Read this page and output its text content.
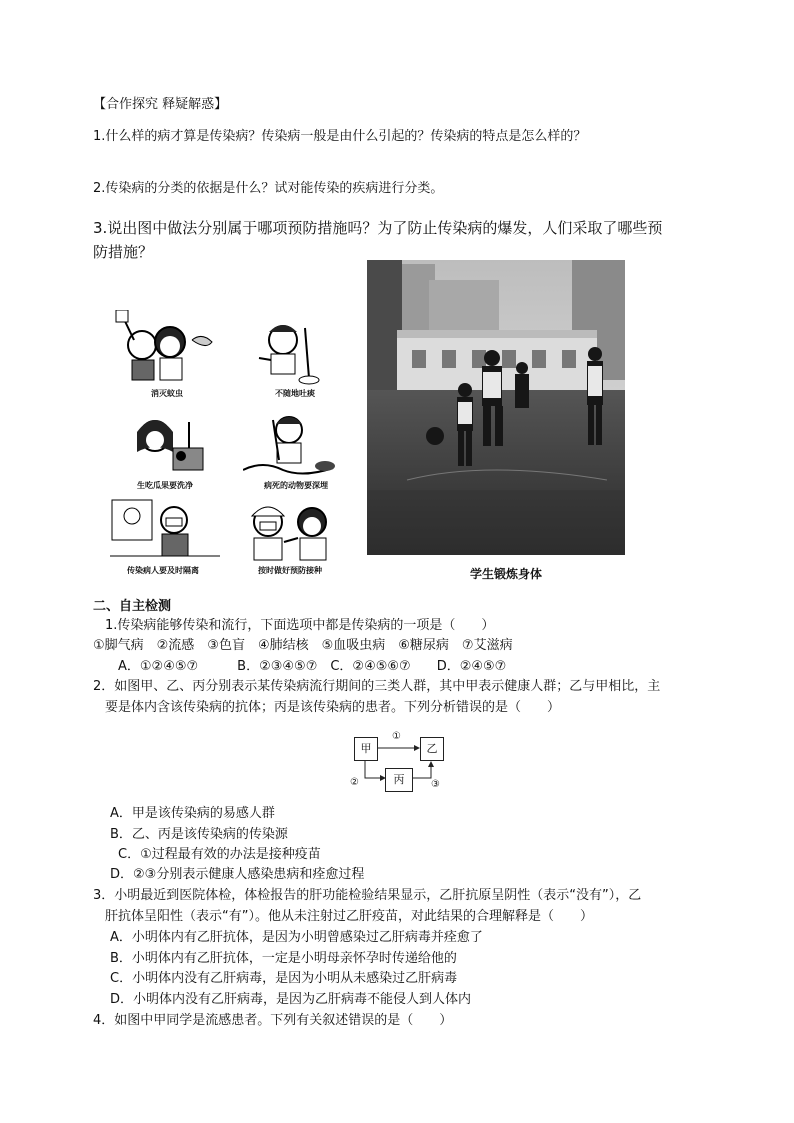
【合作探究 释疑解惑】
1.什么样的病才算是传染病？传染病一般是由什么引起的？传染病的特点是怎么样的？
2.传染病的分类的依据是什么？试对能传染的疾病进行分类。
3.说出图中做法分别属于哪项预防措施吗？为了防止传染病的爆发，人们采取了哪些预
防措施？
消灭蚊虫	不随地吐痰
生吃瓜果要洗净	病死的动物要深埋
传染病人要及时隔离	按时做好预防接种	学生锻炼身体
二、自主检测
1.传染病能够传染和流行，下面选项中都是传染病的一项是（　　）
①脚气病　②流感　③色盲　④肺结核　⑤血吸虫病　⑥糖尿病　⑦艾滋病
A．①②④⑤⑦　　　B．②③④⑤⑦　C．②④⑤⑥⑦　　D．②④⑤⑦
2．如图甲、乙、丙分别表示某传染病流行期间的三类人群，其中甲表示健康人群；乙与甲相比，主
要是体内含该传染病的抗体；丙是该传染病的患者。下列分析错误的是（　　）
甲	乙
丙
①
②	③
A．甲是该传染病的易感人群
B．乙、丙是该传染病的传染源
C．①过程最有效的办法是接种疫苗
D．②③分别表示健康人感染患病和痊愈过程
3．小明最近到医院体检，体检报告的肝功能检验结果显示，乙肝抗原呈阴性（表示“没有”），乙
肝抗体呈阳性（表示“有”）。他从未注射过乙肝疫苗，对此结果的合理解释是（　　）
A．小明体内有乙肝抗体，是因为小明曾感染过乙肝病毒并痊愈了
B．小明体内有乙肝抗体，一定是小明母亲怀孕时传递给他的
C．小明体内没有乙肝病毒，是因为小明从未感染过乙肝病毒
D．小明体内没有乙肝病毒，是因为乙肝病毒不能侵人到人体内
4．如图中甲同学是流感患者。下列有关叙述错误的是（　　）
